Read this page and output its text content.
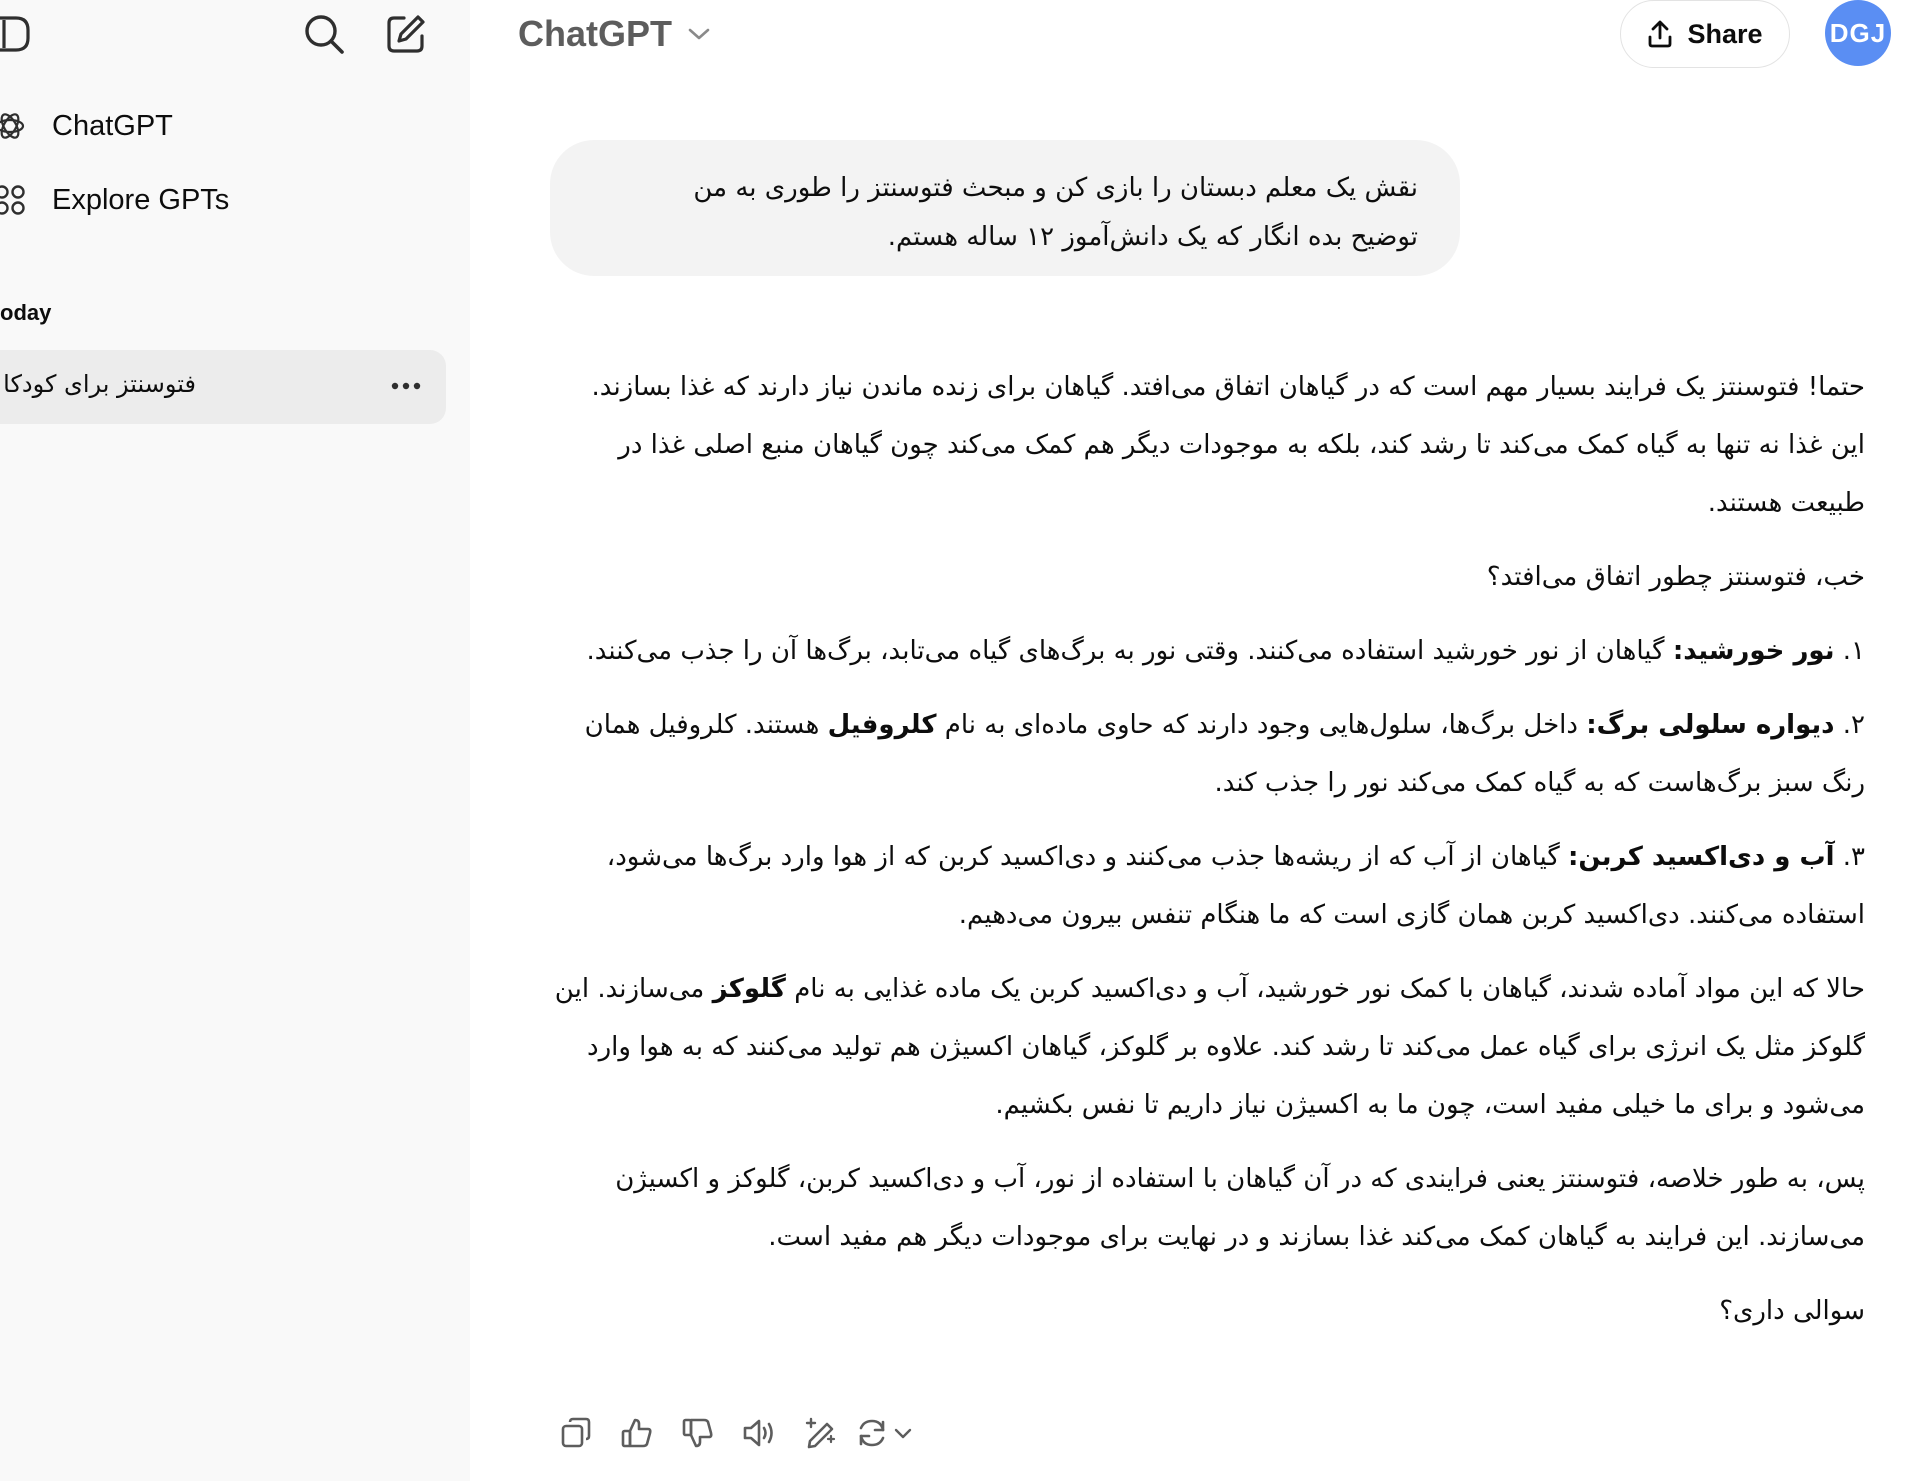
ChatGPT
Explore GPTs
oday
فتوسنتز برای کودکا
ChatGPT	Share	DGJ
نقش یک معلم دبستان را بازی کن و مبحث فتوسنتز را طوری به من
توضیح بده انگار که یک دانش‌آموز ۱۲ ساله هستم.

حتما! فتوسنتز یک فرایند بسیار مهم است که در گیاهان اتفاق می‌افتد. گیاهان برای زنده ماندن نیاز دارند که غذا بسازند. این غذا نه تنها به گیاه کمک می‌کند تا رشد کند، بلکه به موجودات دیگر هم کمک می‌کند چون گیاهان منبع اصلی غذا در طبیعت هستند.

خب، فتوسنتز چطور اتفاق می‌افتد؟

۱. نور خورشید: گیاهان از نور خورشید استفاده می‌کنند. وقتی نور به برگ‌های گیاه می‌تابد، برگ‌ها آن را جذب می‌کنند.

۲. دیواره سلولی برگ: داخل برگ‌ها، سلول‌هایی وجود دارند که حاوی ماده‌ای به نام کلروفیل هستند. کلروفیل همان رنگ سبز برگ‌هاست که به گیاه کمک می‌کند نور را جذب کند.

۳. آب و دی‌اکسید کربن: گیاهان از آب که از ریشه‌ها جذب می‌کنند و دی‌اکسید کربن که از هوا وارد برگ‌ها می‌شود، استفاده می‌کنند. دی‌اکسید کربن همان گازی است که ما هنگام تنفس بیرون می‌دهیم.

حالا که این مواد آماده شدند، گیاهان با کمک نور خورشید، آب و دی‌اکسید کربن یک ماده غذایی به نام گلوکز می‌سازند. این گلوکز مثل یک انرژی برای گیاه عمل می‌کند تا رشد کند. علاوه بر گلوکز، گیاهان اکسیژن هم تولید می‌کنند که به هوا وارد می‌شود و برای ما خیلی مفید است، چون ما به اکسیژن نیاز داریم تا نفس بکشیم.

پس، به طور خلاصه، فتوسنتز یعنی فرایندی که در آن گیاهان با استفاده از نور، آب و دی‌اکسید کربن، گلوکز و اکسیژن می‌سازند. این فرایند به گیاهان کمک می‌کند غذا بسازند و در نهایت برای موجودات دیگر هم مفید است.

سوالی داری؟
